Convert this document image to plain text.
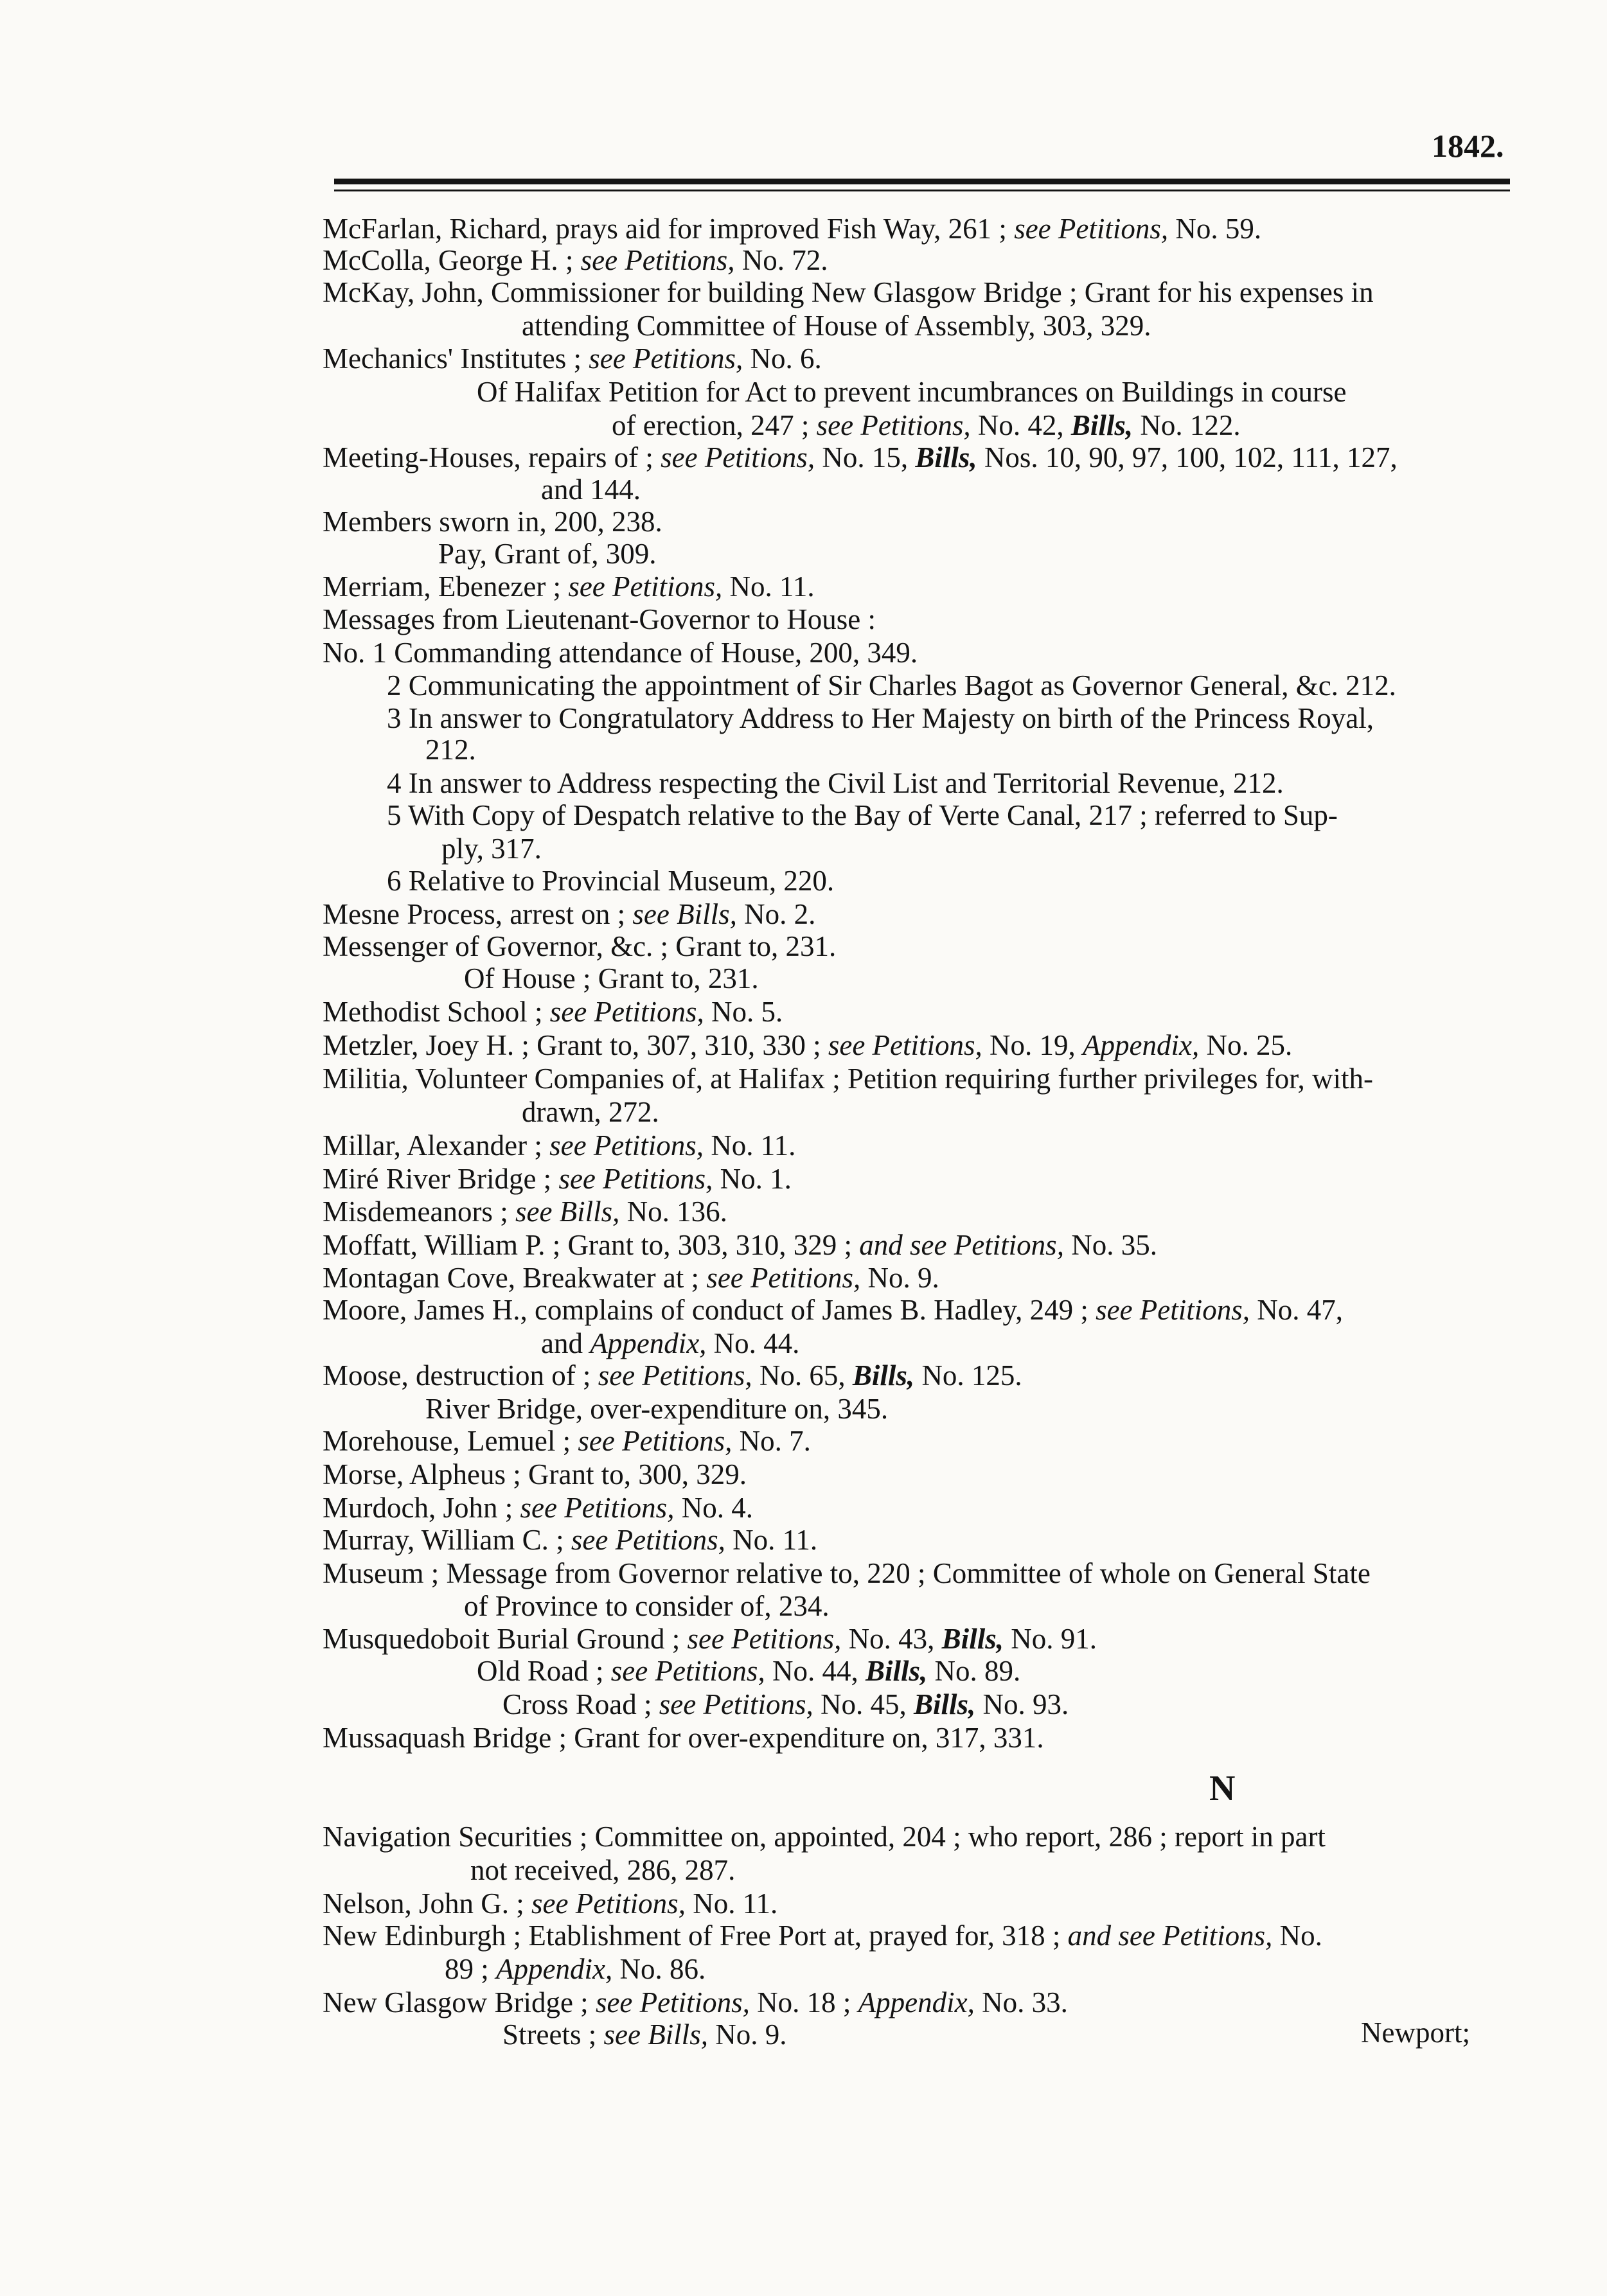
1842.
McFarlan, Richard, prays aid for improved Fish Way, 261 ; see Petitions, No. 59.
McColla, George H. ; see Petitions, No. 72.
McKay, John, Commissioner for building New Glasgow Bridge ; Grant for his expenses in
attending Committee of House of Assembly, 303, 329.
Mechanics' Institutes ; see Petitions, No. 6.
Of Halifax Petition for Act to prevent incumbrances on Buildings in course
of erection, 247 ; see Petitions, No. 42, Bills, No. 122.
Meeting-Houses, repairs of ; see Petitions, No. 15, Bills, Nos. 10, 90, 97, 100, 102, 111, 127,
and 144.
Members sworn in, 200, 238.
Pay, Grant of, 309.
Merriam, Ebenezer ; see Petitions, No. 11.
Messages from Lieutenant-Governor to House :
No. 1 Commanding attendance of House, 200, 349.
2 Communicating the appointment of Sir Charles Bagot as Governor General, &c. 212.
3 In answer to Congratulatory Address to Her Majesty on birth of the Princess Royal,
212.
4 In answer to Address respecting the Civil List and Territorial Revenue, 212.
5 With Copy of Despatch relative to the Bay of Verte Canal, 217 ; referred to Sup-
ply, 317.
6 Relative to Provincial Museum, 220.
Mesne Process, arrest on ; see Bills, No. 2.
Messenger of Governor, &c. ; Grant to, 231.
Of House ; Grant to, 231.
Methodist School ; see Petitions, No. 5.
Metzler, Joey H. ; Grant to, 307, 310, 330 ; see Petitions, No. 19, Appendix, No. 25.
Militia, Volunteer Companies of, at Halifax ; Petition requiring further privileges for, with-
drawn, 272.
Millar, Alexander ; see Petitions, No. 11.
Miré River Bridge ; see Petitions, No. 1.
Misdemeanors ; see Bills, No. 136.
Moffatt, William P. ; Grant to, 303, 310, 329 ; and see Petitions, No. 35.
Montagan Cove, Breakwater at ; see Petitions, No. 9.
Moore, James H., complains of conduct of James B. Hadley, 249 ; see Petitions, No. 47,
and Appendix, No. 44.
Moose, destruction of ; see Petitions, No. 65, Bills, No. 125.
River Bridge, over-expenditure on, 345.
Morehouse, Lemuel ; see Petitions, No. 7.
Morse, Alpheus ; Grant to, 300, 329.
Murdoch, John ; see Petitions, No. 4.
Murray, William C. ; see Petitions, No. 11.
Museum ; Message from Governor relative to, 220 ; Committee of whole on General State
of Province to consider of, 234.
Musquedoboit Burial Ground ; see Petitions, No. 43, Bills, No. 91.
Old Road ; see Petitions, No. 44, Bills, No. 89.
Cross Road ; see Petitions, No. 45, Bills, No. 93.
Mussaquash Bridge ; Grant for over-expenditure on, 317, 331.
N
Navigation Securities ; Committee on, appointed, 204 ; who report, 286 ; report in part
not received, 286, 287.
Nelson, John G. ; see Petitions, No. 11.
New Edinburgh ; Etablishment of Free Port at, prayed for, 318 ; and see Petitions, No.
89 ; Appendix, No. 86.
New Glasgow Bridge ; see Petitions, No. 18 ; Appendix, No. 33.
Streets ; see Bills, No. 9.	Newport;
